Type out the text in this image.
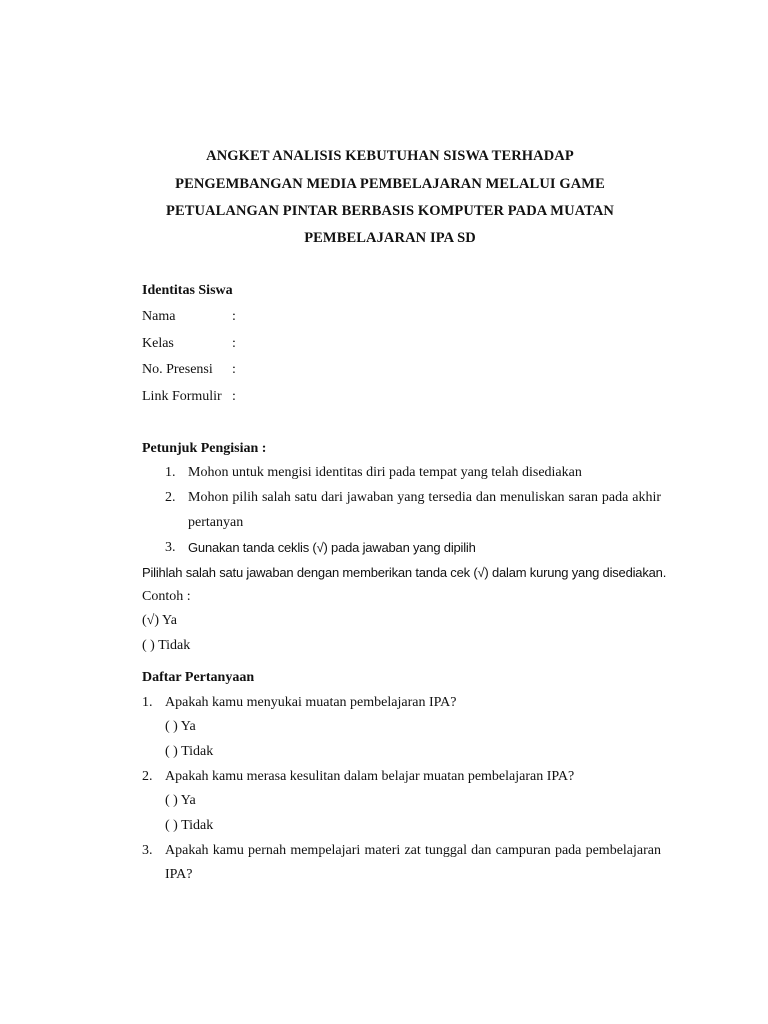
ANGKET ANALISIS KEBUTUHAN SISWA TERHADAP
PENGEMBANGAN MEDIA PEMBELAJARAN MELALUI GAME
PETUALANGAN PINTAR BERBASIS KOMPUTER PADA MUATAN
PEMBELAJARAN IPA SD
Identitas Siswa
Nama	:
Kelas	:
No. Presensi :
Link Formulir :
Petunjuk Pengisian :
1. Mohon untuk mengisi identitas diri pada tempat yang telah disediakan
2. Mohon pilih salah satu dari jawaban yang tersedia dan menuliskan saran pada akhir
pertanyan
3. Gunakan tanda ceklis (√) pada jawaban yang dipilih
Pilihlah salah satu jawaban dengan memberikan tanda cek (√) dalam kurung yang disediakan.
Contoh :
(√) Ya
( ) Tidak
Daftar Pertanyaan
1. Apakah kamu menyukai muatan pembelajaran IPA?
( ) Ya
( ) Tidak
2. Apakah kamu merasa kesulitan dalam belajar muatan pembelajaran IPA?
( ) Ya
( ) Tidak
3. Apakah kamu pernah mempelajari materi zat tunggal dan campuran pada pembelajaran
IPA?
